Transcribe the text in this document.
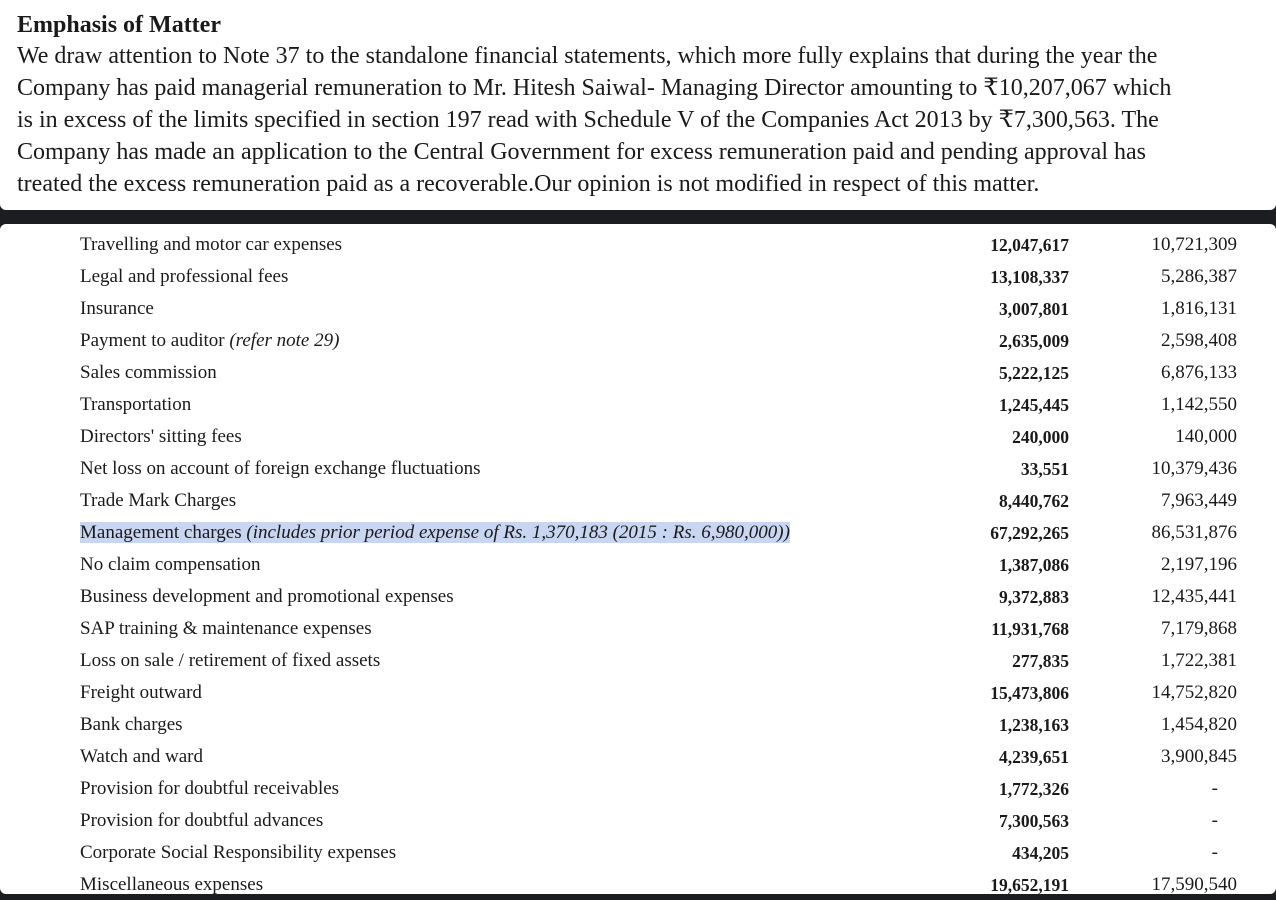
Emphasis of Matter

We draw attention to Note 37 to the standalone financial statements, which more fully explains that during the year the

Company has paid managerial remuneration to Mr. Hitesh Saiwal- Managing Director amounting to ₹10,207,067 which

is in excess of the limits specified in section 197 read with Schedule V of the Companies Act 2013 by ₹7,300,563. The

Company has made an application to the Central Government for excess remuneration paid and pending approval has

treated the excess remuneration paid as a recoverable.Our opinion is not modified in respect of this matter.

Travelling and motor car expenses	12,047,617	10,721,309
Legal and professional fees	13,108,337	5,286,387
Insurance	3,007,801	1,816,131
Payment to auditor (refer note 29)	2,635,009	2,598,408
Sales commission	5,222,125	6,876,133
Transportation	1,245,445	1,142,550
Directors' sitting fees	240,000	140,000
Net loss on account of foreign exchange fluctuations	33,551	10,379,436
Trade Mark Charges	8,440,762	7,963,449
Management charges (includes prior period expense of Rs. 1,370,183 (2015 : Rs. 6,980,000))	67,292,265	86,531,876
No claim compensation	1,387,086	2,197,196
Business development and promotional expenses	9,372,883	12,435,441
SAP training & maintenance expenses	11,931,768	7,179,868
Loss on sale / retirement of fixed assets	277,835	1,722,381
Freight outward	15,473,806	14,752,820
Bank charges	1,238,163	1,454,820
Watch and ward	4,239,651	3,900,845
Provision for doubtful receivables	1,772,326	-
Provision for doubtful advances	7,300,563	-
Corporate Social Responsibility expenses	434,205	-
Miscellaneous expenses	19,652,191	17,590,540
